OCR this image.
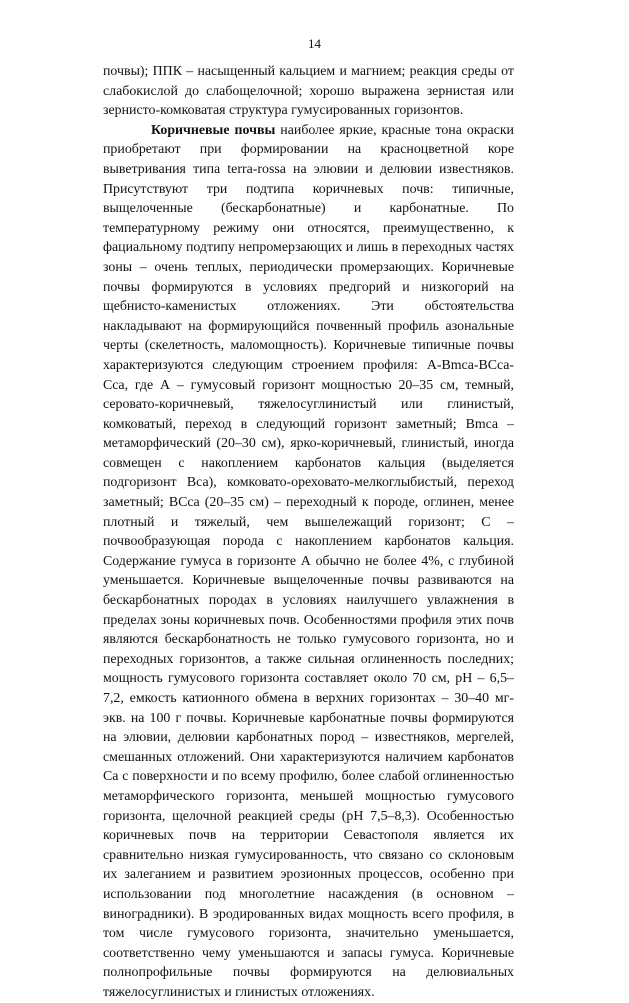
14

почвы); ППК – насыщенный кальцием и магнием; реакция среды от слабокислой до слабощелочной; хорошо выражена зернистая или зернисто-комковатая структура гумусированных горизонтов.

Коричневые почвы наиболее яркие, красные тона окраски приобретают при формировании на красноцветной коре выветривания типа terra-rossa на элювии и делювии известняков. Присутствуют три подтипа коричневых почв: типичные, выщелоченные (бескарбонатные) и карбонатные. По температурному режиму они относятся, преимущественно, к фациальному подтипу непромерзающих и лишь в переходных частях зоны – очень теплых, периодически промерзающих. Коричневые почвы формируются в условиях предгорий и низкогорий на щебнисто-каменистых отложениях. Эти обстоятельства накладывают на формирующийся почвенный профиль азональные черты (скелетность, маломощность). Коричневые типичные почвы характеризуются следующим строением профиля: A-Bmca-BCca-Cca, где А – гумусовый горизонт мощностью 20–35 см, темный, серовато-коричневый, тяжелосуглинистый или глинистый, комковатый, переход в следующий горизонт заметный; Bmca – метаморфический (20–30 см), ярко-коричневый, глинистый, иногда совмещен с накоплением карбонатов кальция (выделяется подгоризонт Вса), комковато-ореховато-мелкоглыбистый, переход заметный; BCca (20–35 см) – переходный к породе, оглинен, менее плотный и тяжелый, чем вышележащий горизонт; С – почвообразующая порода с накоплением карбонатов кальция. Содержание гумуса в горизонте А обычно не более 4%, с глубиной уменьшается. Коричневые выщелоченные почвы развиваются на бескарбонатных породах в условиях наилучшего увлажнения в пределах зоны коричневых почв. Особенностями профиля этих почв являются бескарбонатность не только гумусового горизонта, но и переходных горизонтов, а также сильная оглиненность последних; мощность гумусового горизонта составляет около 70 см, рН – 6,5–7,2, емкость катионного обмена в верхних горизонтах – 30–40 мг-экв. на 100 г почвы. Коричневые карбонатные почвы формируются на элювии, делювии карбонатных пород – известняков, мергелей, смешанных отложений. Они характеризуются наличием карбонатов Са с поверхности и по всему профилю, более слабой оглиненностью метаморфического горизонта, меньшей мощностью гумусового горизонта, щелочной реакцией среды (рН 7,5–8,3). Особенностью коричневых почв на территории Севастополя является их сравнительно низкая гумусированность, что связано со склоновым их залеганием и развитием эрозионных процессов, особенно при использовании под многолетние насаждения (в основном – виноградники). В эродированных видах мощность всего профиля, в том числе гумусового горизонта, значительно уменьшается, соответственно чему уменьшаются и запасы гумуса. Коричневые полнопрофильные почвы формируются на делювиальных тяжелосуглинистых и глинистых отложениях.
